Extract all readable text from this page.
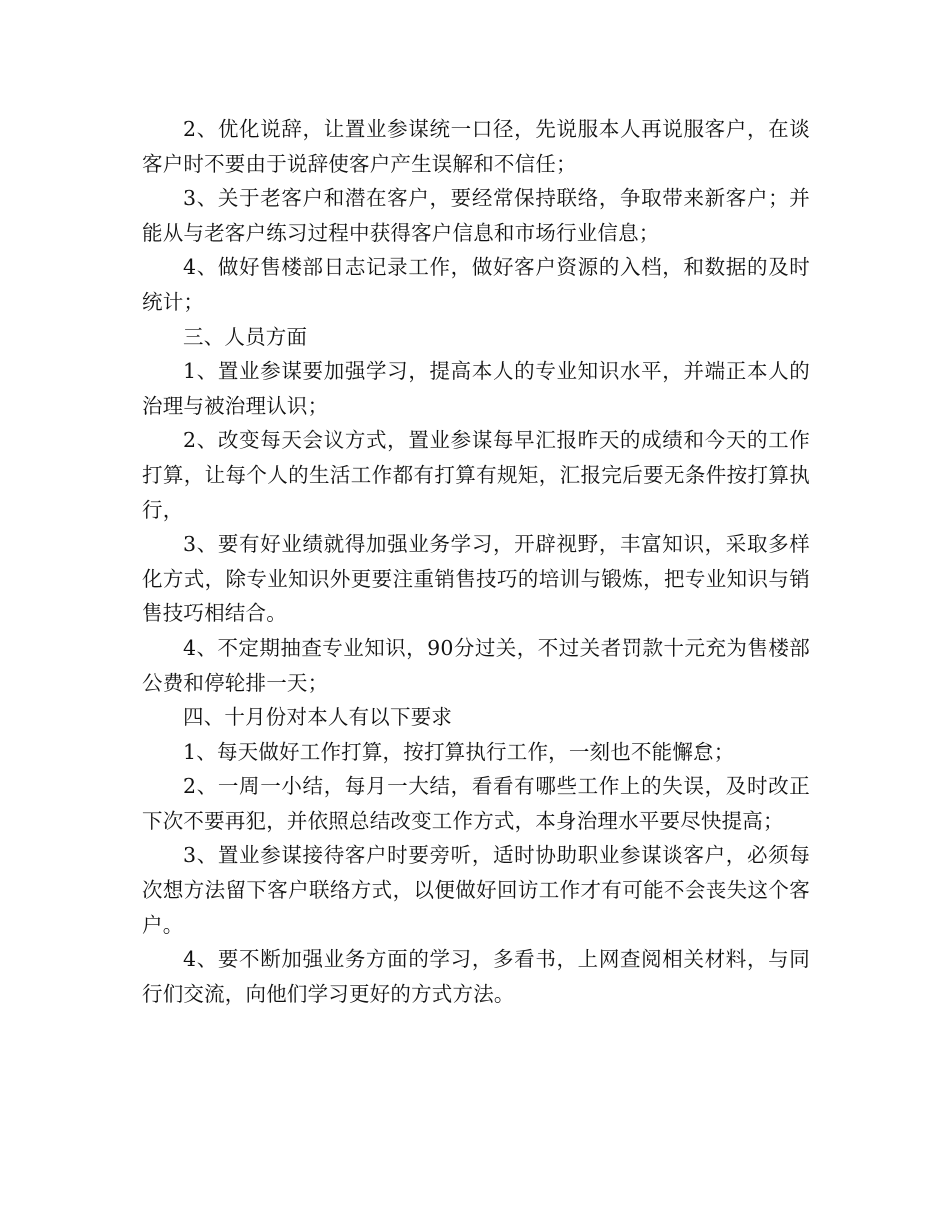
2、优化说辞，让置业参谋统一口径，先说服本人再说服客户，在谈客户时不要由于说辞使客户产生误解和不信任；

3、关于老客户和潜在客户，要经常保持联络，争取带来新客户；并能从与老客户练习过程中获得客户信息和市场行业信息；

4、做好售楼部日志记录工作，做好客户资源的入档，和数据的及时统计；

三、人员方面

1、置业参谋要加强学习，提高本人的专业知识水平，并端正本人的治理与被治理认识；

2、改变每天会议方式，置业参谋每早汇报昨天的成绩和今天的工作打算，让每个人的生活工作都有打算有规矩，汇报完后要无条件按打算执行，

3、要有好业绩就得加强业务学习，开辟视野，丰富知识，采取多样化方式，除专业知识外更要注重销售技巧的培训与锻炼，把专业知识与销售技巧相结合。

4、不定期抽查专业知识，90分过关，不过关者罚款十元充为售楼部公费和停轮排一天；

四、十月份对本人有以下要求

1、每天做好工作打算，按打算执行工作，一刻也不能懈怠；

2、一周一小结，每月一大结，看看有哪些工作上的失误，及时改正下次不要再犯，并依照总结改变工作方式，本身治理水平要尽快提高；

3、置业参谋接待客户时要旁听，适时协助职业参谋谈客户，必须每次想方法留下客户联络方式，以便做好回访工作才有可能不会丧失这个客户。

4、要不断加强业务方面的学习，多看书，上网查阅相关材料，与同行们交流，向他们学习更好的方式方法。
